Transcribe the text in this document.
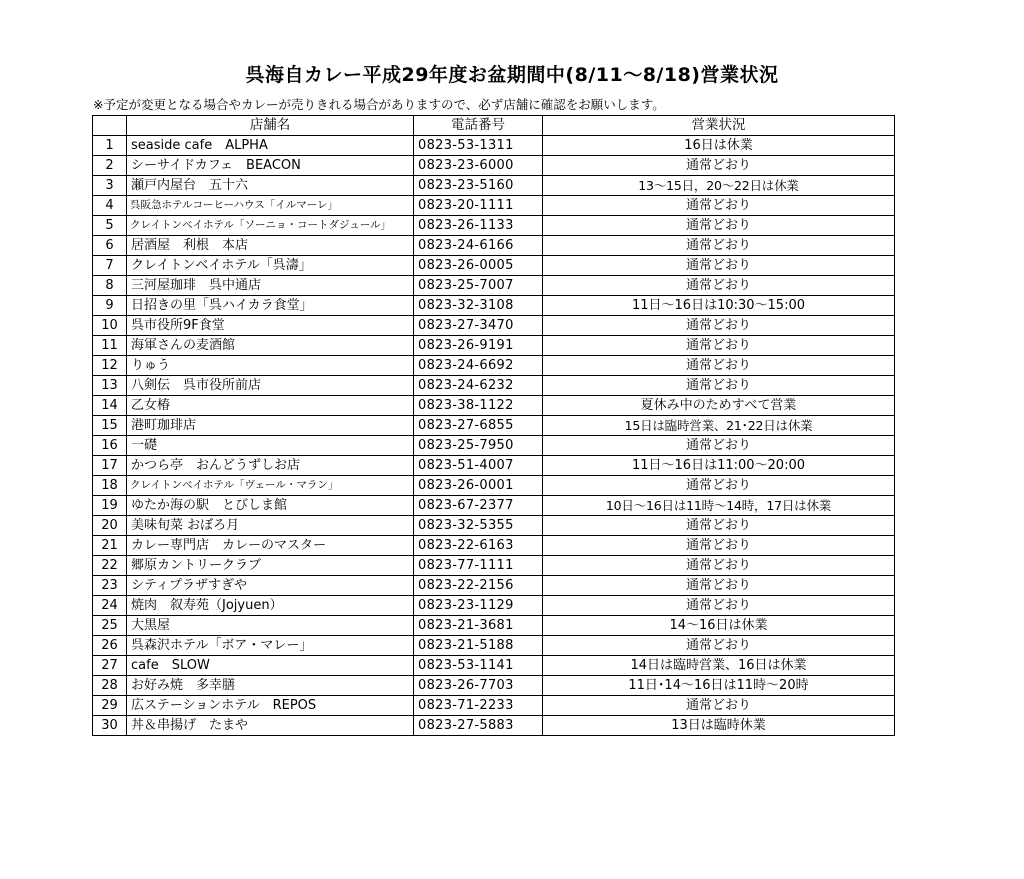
呉海自カレー平成29年度お盆期間中(8/11～8/18)営業状況
※予定が変更となる場合やカレーが売りきれる場合がありますので、必ず店舗に確認をお願いします。
	店舗名	電話番号	営業状況
1	seaside cafe　ALPHA	0823-53-1311	16日は休業
2	シーサイドカフェ　BEACON	0823-23-6000	通常どおり
3	瀬戸内屋台　五十六	0823-23-5160	13～15日，20～22日は休業
4	呉阪急ホテルコーヒーハウス「イルマーレ」	0823-20-1111	通常どおり
5	クレイトンベイホテル「ソーニョ・コートダジュール」	0823-26-1133	通常どおり
6	居酒屋　利根　本店	0823-24-6166	通常どおり
7	クレイトンベイホテル「呉濤」	0823-26-0005	通常どおり
8	三河屋珈琲　呉中通店	0823-25-7007	通常どおり
9	日招きの里「呉ハイカラ食堂」	0823-32-3108	11日～16日は10:30～15:00
10	呉市役所9F食堂	0823-27-3470	通常どおり
11	海軍さんの麦酒館	0823-26-9191	通常どおり
12	りゅう	0823-24-6692	通常どおり
13	八剣伝　呉市役所前店	0823-24-6232	通常どおり
14	乙女椿	0823-38-1122	夏休み中のためすべて営業
15	港町珈琲店	0823-27-6855	15日は臨時営業、21･22日は休業
16	一礎	0823-25-7950	通常どおり
17	かつら亭　おんどうずしお店	0823-51-4007	11日～16日は11:00～20:00
18	クレイトンベイホテル「ヴェール・マラン」	0823-26-0001	通常どおり
19	ゆたか海の駅　とびしま館	0823-67-2377	10日～16日は11時～14時，17日は休業
20	美味旬菜 おぼろ月	0823-32-5355	通常どおり
21	カレー専門店　カレーのマスター	0823-22-6163	通常どおり
22	郷原カントリークラブ	0823-77-1111	通常どおり
23	シティプラザすぎや	0823-22-2156	通常どおり
24	焼肉　叙寿苑（Jojyuen）	0823-23-1129	通常どおり
25	大黒屋	0823-21-3681	14～16日は休業
26	呉森沢ホテル「ボア・マレー」	0823-21-5188	通常どおり
27	cafe　SLOW	0823-53-1141	14日は臨時営業、16日は休業
28	お好み焼　多幸膳	0823-26-7703	11日･14～16日は11時～20時
29	広ステーションホテル　REPOS	0823-71-2233	通常どおり
30	丼＆串揚げ　たまや	0823-27-5883	13日は臨時休業
